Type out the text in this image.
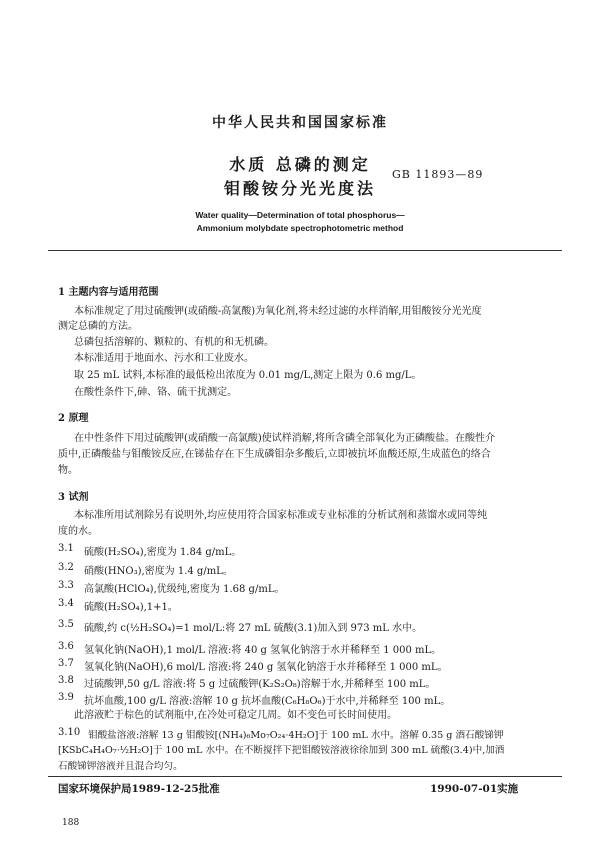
中华人民共和国国家标准
水质 总磷的测定
钼酸铵分光光度法
GB 11893—89
Water quality—Determination of total phosphorus—
Ammonium molybdate spectrophotometric method
1 主题内容与适用范围
本标准规定了用过硫酸钾(或硝酸-高氯酸)为氧化剂,将未经过滤的水样消解,用钼酸铵分光光度
测定总磷的方法。
总磷包括溶解的、颗粒的、有机的和无机磷。
本标准适用于地面水、污水和工业废水。
取 25 mL 试料,本标准的最低检出浓度为 0.01 mg/L,测定上限为 0.6 mg/L。
在酸性条件下,砷、铬、硫干扰测定。
2 原理
在中性条件下用过硫酸钾(或硝酸一高氯酸)使试样消解,将所含磷全部氧化为正磷酸盐。在酸性介
质中,正磷酸盐与钼酸铵反应,在锑盐存在下生成磷钼杂多酸后,立即被抗坏血酸还原,生成蓝色的络合
物。
3 试剂
本标准所用试剂除另有说明外,均应使用符合国家标准或专业标准的分析试剂和蒸馏水或同等纯
度的水。
3.1 硫酸(H₂SO₄),密度为 1.84 g/mL。
3.2 硝酸(HNO₃),密度为 1.4 g/mL。
3.3 高氯酸(HClO₄),优级纯,密度为 1.68 g/mL。
3.4 硫酸(H₂SO₄),1+1。
3.5 硫酸,约 c(½H₂SO₄)=1 mol/L:将 27 mL 硫酸(3.1)加入到 973 mL 水中。
3.6 氢氧化钠(NaOH),1 mol/L 溶液:将 40 g 氢氧化钠溶于水并稀释至 1 000 mL。
3.7 氢氧化钠(NaOH),6 mol/L 溶液:将 240 g 氢氧化钠溶于水并稀释至 1 000 mL。
3.8 过硫酸钾,50 g/L 溶液:将 5 g 过硫酸钾(K₂S₂O₈)溶解于水,并稀释至 100 mL。
3.9 抗坏血酸,100 g/L 溶液:溶解 10 g 抗坏血酸(C₆H₈O₆)于水中,并稀释至 100 mL。
此溶液贮于棕色的试剂瓶中,在冷处可稳定几周。如不变色可长时间使用。
3.10 钼酸盐溶液:溶解 13 g 钼酸铵[(NH₄)₆Mo₇O₂₄·4H₂O]于 100 mL 水中。溶解 0.35 g 酒石酸锑钾
[KSbC₄H₄O₇·½H₂O]于 100 mL 水中。在不断搅拌下把钼酸铵溶液徐徐加到 300 mL 硫酸(3.4)中,加酒
石酸锑钾溶液并且混合均匀。
国家环境保护局1989-12-25批准	1990-07-01实施
188
